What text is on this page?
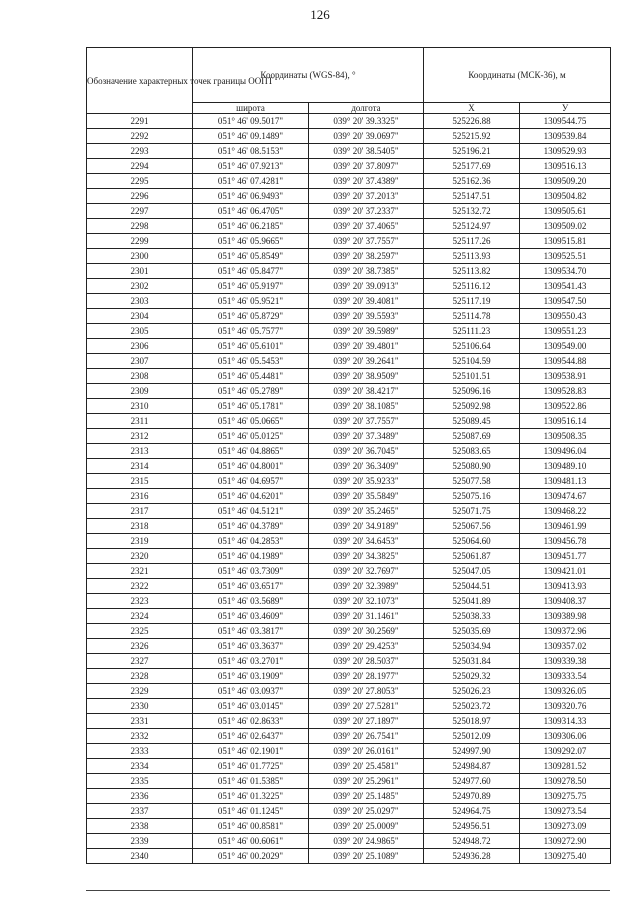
126
Обозначение характерных точек границы ООПТ	Координаты (WGS-84), °		Координаты (МСК-36), м	
	широта	долгота	X	У
2291	051° 46' 09.5017"	039° 20' 39.3325"	525226.88	1309544.75
2292	051° 46' 09.1489"	039° 20' 39.0697"	525215.92	1309539.84
2293	051° 46' 08.5153"	039° 20' 38.5405"	525196.21	1309529.93
2294	051° 46' 07.9213"	039° 20' 37.8097"	525177.69	1309516.13
2295	051° 46' 07.4281"	039° 20' 37.4389"	525162.36	1309509.20
2296	051° 46' 06.9493"	039° 20' 37.2013"	525147.51	1309504.82
2297	051° 46' 06.4705"	039° 20' 37.2337"	525132.72	1309505.61
2298	051° 46' 06.2185"	039° 20' 37.4065"	525124.97	1309509.02
2299	051° 46' 05.9665"	039° 20' 37.7557"	525117.26	1309515.81
2300	051° 46' 05.8549"	039° 20' 38.2597"	525113.93	1309525.51
2301	051° 46' 05.8477"	039° 20' 38.7385"	525113.82	1309534.70
2302	051° 46' 05.9197"	039° 20' 39.0913"	525116.12	1309541.43
2303	051° 46' 05.9521"	039° 20' 39.4081"	525117.19	1309547.50
2304	051° 46' 05.8729"	039° 20' 39.5593"	525114.78	1309550.43
2305	051° 46' 05.7577"	039° 20' 39.5989"	525111.23	1309551.23
2306	051° 46' 05.6101"	039° 20' 39.4801"	525106.64	1309549.00
2307	051° 46' 05.5453"	039° 20' 39.2641"	525104.59	1309544.88
2308	051° 46' 05.4481"	039° 20' 38.9509"	525101.51	1309538.91
2309	051° 46' 05.2789"	039° 20' 38.4217"	525096.16	1309528.83
2310	051° 46' 05.1781"	039° 20' 38.1085"	525092.98	1309522.86
2311	051° 46' 05.0665"	039° 20' 37.7557"	525089.45	1309516.14
2312	051° 46' 05.0125"	039° 20' 37.3489"	525087.69	1309508.35
2313	051° 46' 04.8865"	039° 20' 36.7045"	525083.65	1309496.04
2314	051° 46' 04.8001"	039° 20' 36.3409"	525080.90	1309489.10
2315	051° 46' 04.6957"	039° 20' 35.9233"	525077.58	1309481.13
2316	051° 46' 04.6201"	039° 20' 35.5849"	525075.16	1309474.67
2317	051° 46' 04.5121"	039° 20' 35.2465"	525071.75	1309468.22
2318	051° 46' 04.3789"	039° 20' 34.9189"	525067.56	1309461.99
2319	051° 46' 04.2853"	039° 20' 34.6453"	525064.60	1309456.78
2320	051° 46' 04.1989"	039° 20' 34.3825"	525061.87	1309451.77
2321	051° 46' 03.7309"	039° 20' 32.7697"	525047.05	1309421.01
2322	051° 46' 03.6517"	039° 20' 32.3989"	525044.51	1309413.93
2323	051° 46' 03.5689"	039° 20' 32.1073"	525041.89	1309408.37
2324	051° 46' 03.4609"	039° 20' 31.1461"	525038.33	1309389.98
2325	051° 46' 03.3817"	039° 20' 30.2569"	525035.69	1309372.96
2326	051° 46' 03.3637"	039° 20' 29.4253"	525034.94	1309357.02
2327	051° 46' 03.2701"	039° 20' 28.5037"	525031.84	1309339.38
2328	051° 46' 03.1909"	039° 20' 28.1977"	525029.32	1309333.54
2329	051° 46' 03.0937"	039° 20' 27.8053"	525026.23	1309326.05
2330	051° 46' 03.0145"	039° 20' 27.5281"	525023.72	1309320.76
2331	051° 46' 02.8633"	039° 20' 27.1897"	525018.97	1309314.33
2332	051° 46' 02.6437"	039° 20' 26.7541"	525012.09	1309306.06
2333	051° 46' 02.1901"	039° 20' 26.0161"	524997.90	1309292.07
2334	051° 46' 01.7725"	039° 20' 25.4581"	524984.87	1309281.52
2335	051° 46' 01.5385"	039° 20' 25.2961"	524977.60	1309278.50
2336	051° 46' 01.3225"	039° 20' 25.1485"	524970.89	1309275.75
2337	051° 46' 01.1245"	039° 20' 25.0297"	524964.75	1309273.54
2338	051° 46' 00.8581"	039° 20' 25.0009"	524956.51	1309273.09
2339	051° 46' 00.6061"	039° 20' 24.9865"	524948.72	1309272.90
2340	051° 46' 00.2029"	039° 20' 25.1089"	524936.28	1309275.40
